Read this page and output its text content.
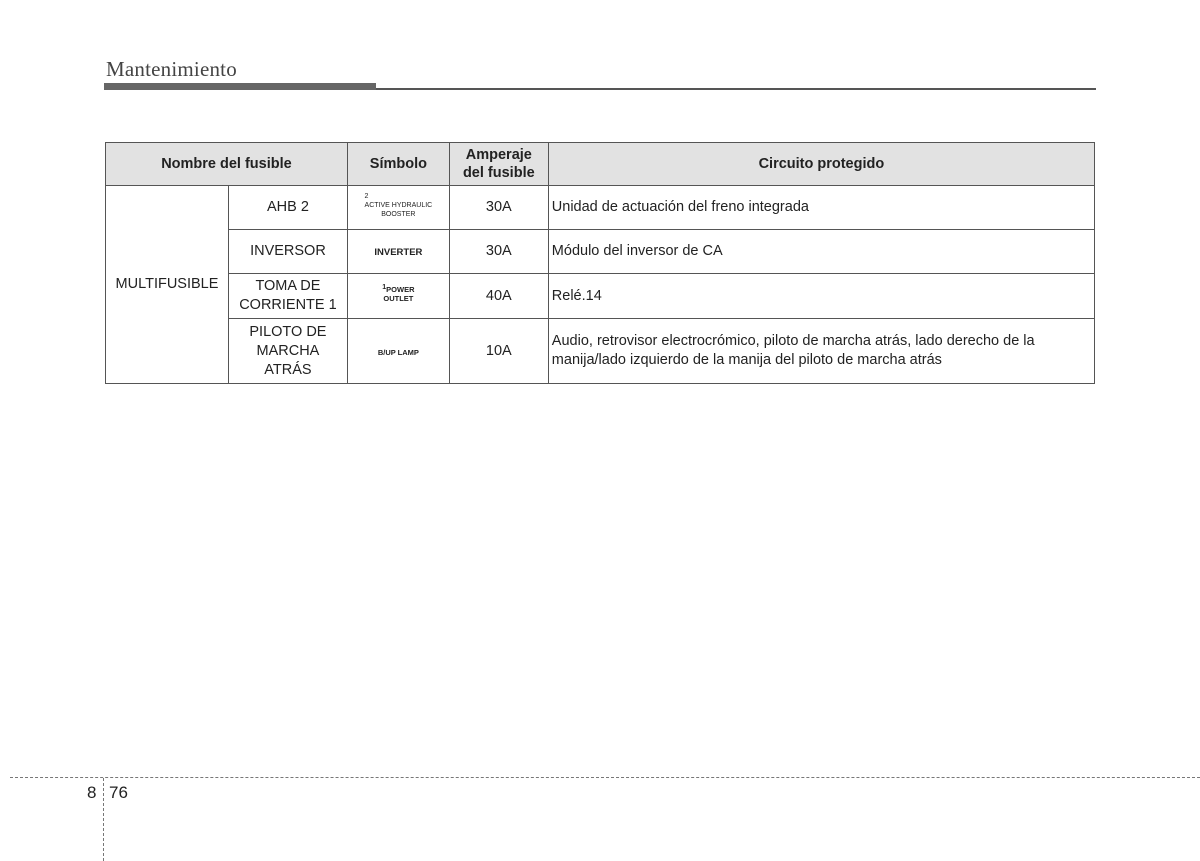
Mantenimiento
Nombre del fusible		Símbolo	Amperaje
del fusible	Circuito protegido
MULTIFUSIBLE	AHB 2	2
ACTIVE HYDRAULIC
BOOSTER	30A	Unidad de actuación del freno integrada
	INVERSOR	INVERTER	30A	Módulo del inversor de CA
	TOMA DE
CORRIENTE 1	1POWER
OUTLET	40A	Relé.14
	PILOTO DE
MARCHA
ATRÁS	B/UP LAMP	10A	Audio, retrovisor electrocrómico, piloto de marcha atrás, lado derecho de la
manija/lado izquierdo de la manija del piloto de marcha atrás
8 76
